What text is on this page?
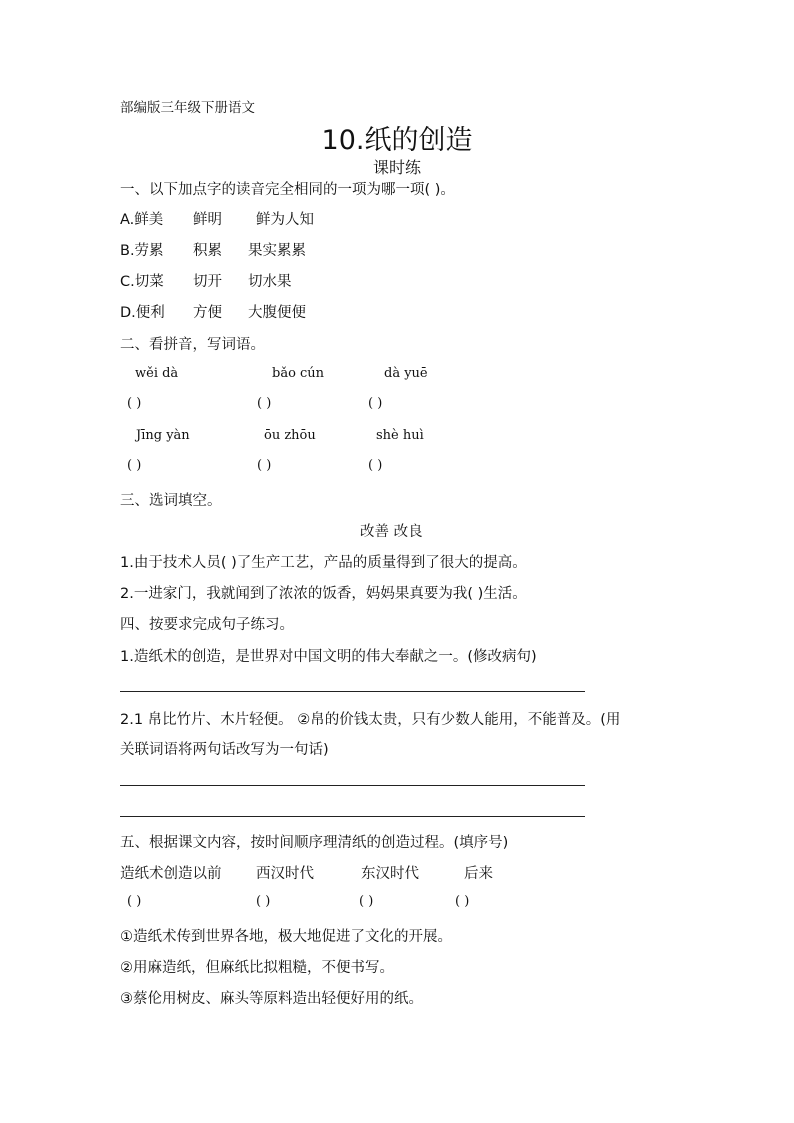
部编版三年级下册语文
10.纸的创造
课时练
一、以下加点字的读音完全相同的一项为哪一项( )。
A.鲜美 鲜明 鲜为人知
B.劳累 积累 果实累累
C.切菜 切开 切水果
D.便利 方便 大腹便便
二、看拼音，写词语。
wěi dà	bǎo cún	dà yuē
( )	( )	( )
Jīng yàn	ōu zhōu	shè huì
( )	( )	( )
三、选词填空。
改善 改良
1.由于技术人员( )了生产工艺，产品的质量得到了很大的提高。
2.一进家门，我就闻到了浓浓的饭香，妈妈果真要为我( )生活。
四、按要求完成句子练习。
1.造纸术的创造，是世界对中国文明的伟大奉献之一。(修改病句)
2.1 帛比竹片、木片轻便。 ②帛的价钱太贵，只有少数人能用，不能普及。(用
关联词语将两句话改写为一句话)
五、根据课文内容，按时间顺序理清纸的创造过程。(填序号)
造纸术创造以前 西汉时代	东汉时代	后来
( )	( )	( )	( )
①造纸术传到世界各地，极大地促进了文化的开展。
②用麻造纸，但麻纸比拟粗糙，不便书写。
③蔡伦用树皮、麻头等原料造出轻便好用的纸。
